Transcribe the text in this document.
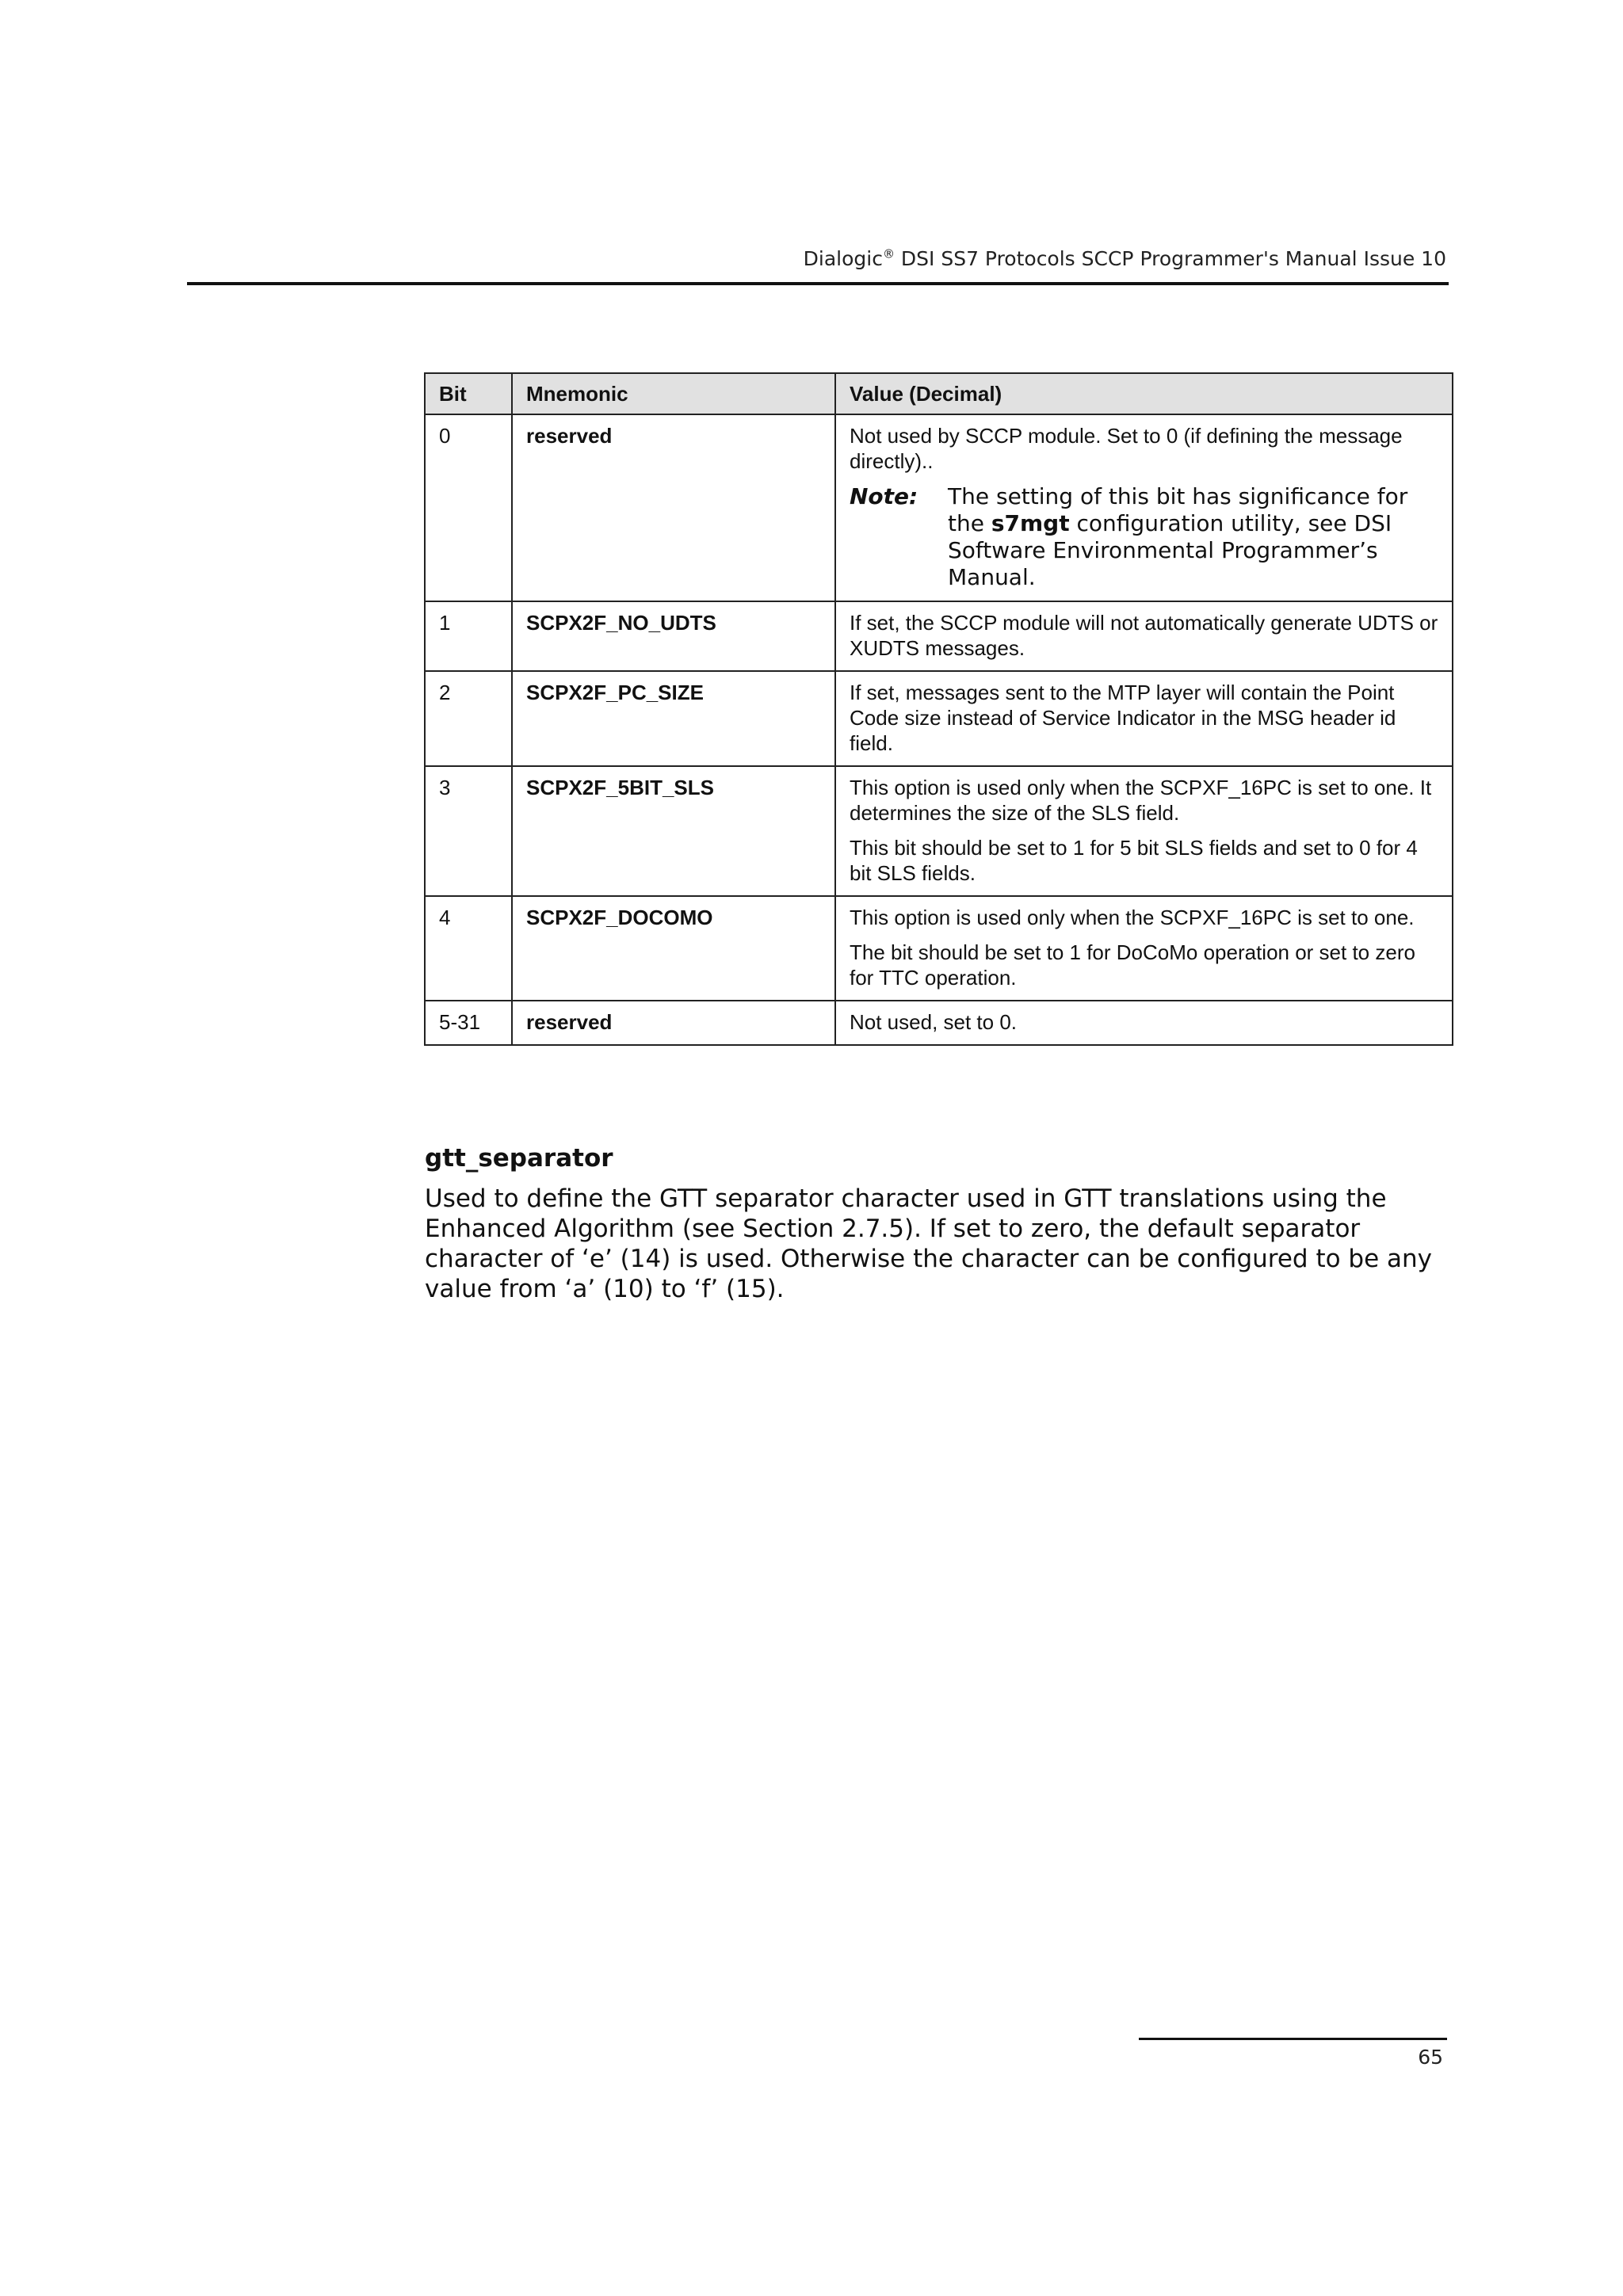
Dialogic® DSI SS7 Protocols SCCP Programmer's Manual Issue 10
Bit	Mnemonic	Value (Decimal)
0	reserved	Not used by SCCP module. Set to 0 (if defining the message directly)..

Note: The setting of this bit has significance for the s7mgt configuration utility, see DSI Software Environmental Programmer’s Manual.

1	SCPX2F_NO_UDTS	If set, the SCCP module will not automatically generate UDTS or XUDTS messages.

2	SCPX2F_PC_SIZE	If set, messages sent to the MTP layer will contain the Point Code size instead of Service Indicator in the MSG header id field.

3	SCPX2F_5BIT_SLS	This option is used only when the SCPXF_16PC is set to one. It determines the size of the SLS field.

This bit should be set to 1 for 5 bit SLS fields and set to 0 for 4 bit SLS fields.

4	SCPX2F_DOCOMO	This option is used only when the SCPXF_16PC is set to one.

The bit should be set to 1 for DoCoMo operation or set to zero for TTC operation.

5-31	reserved	Not used, set to 0.

gtt_separator

Used to define the GTT separator character used in GTT translations using the Enhanced Algorithm (see Section 2.7.5). If set to zero, the default separator character of ‘e’ (14) is used. Otherwise the character can be configured to be any value from ‘a’ (10) to ‘f’ (15).

65
